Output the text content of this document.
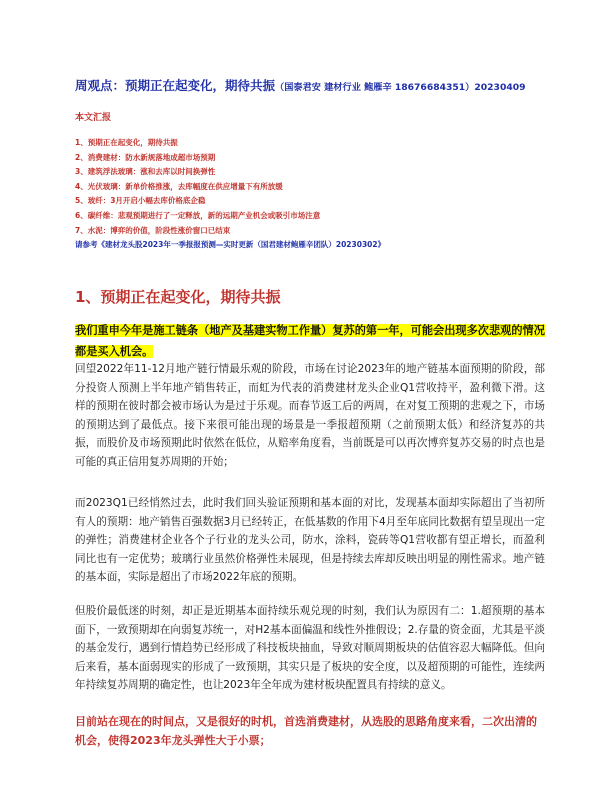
周观点：预期正在起变化，期待共振（国泰君安 建材行业 鲍雁辛 18676684351）20230409
本文汇报
1、预期正在起变化，期待共振
2、消费建材：防水新规落地成超市场预期
3、建筑浮法玻璃：涨和去库以时间换弹性
4、光伏玻璃：新单价格推涨，去库幅度在供应增量下有所放缓
5、玻纤：3月开启小幅去库价格底企稳
6、碳纤维：悲观预期进行了一定释放，新的远期产业机会或吸引市场注意
7、水泥：博弈的价值，阶段性涨价窗口已结束
请参考《建材龙头股2023年一季报报预测—实时更新（国君建材鲍雁辛团队）20230302》
1、预期正在起变化，期待共振
我们重申今年是施工链条（地产及基建实物工作量）复苏的第一年，可能会出现多次悲观的情况都是买入机会。

回望2022年11-12月地产链行情最乐观的阶段，市场在讨论2023年的地产链基本面预期的阶段，部分投资人预测上半年地产销售转正，而虹为代表的消费建材龙头企业Q1营收持平，盈利微下滑。这样的预期在彼时都会被市场认为是过于乐观。而春节返工后的两周，在对复工预期的悲观之下，市场的预期达到了最低点。接下来很可能出现的场景是一季报超预期（之前预期太低）和经济复苏的共振，而股价及市场预期此时依然在低位，从赔率角度看，当前既是可以再次博弈复苏交易的时点也是可能的真正信用复苏周期的开始；

而2023Q1已经悄然过去，此时我们回头验证预期和基本面的对比，发现基本面却实际超出了当初所有人的预期：地产销售百强数据3月已经转正，在低基数的作用下4月至年底同比数据有望呈现出一定的弹性；消费建材企业各个子行业的龙头公司，防水，涂料，瓷砖等Q1营收都有望正增长，而盈利同比也有一定优势；玻璃行业虽然价格弹性未展现，但是持续去库却反映出明显的刚性需求。地产链的基本面，实际是超出了市场2022年底的预期。

但股价最低迷的时刻，却正是近期基本面持续乐观兑现的时刻，我们认为原因有二：1.超预期的基本面下，一致预期却在向弱复苏统一，对H2基本面偏温和线性外推假设；2.存量的资金面，尤其是平淡的基金发行，遇到行情趋势已经形成了科技板块抽血，导致对顺周期板块的估值容忍大幅降低。但向后来看，基本面弱现实的形成了一致预期，其实只是了板块的安全度，以及超预期的可能性，连续两年持续复苏周期的确定性，也让2023年全年成为建材板块配置具有持续的意义。

目前站在现在的时间点，又是很好的时机，首选消费建材，从选股的思路角度来看，二次出清的机会，使得2023年龙头弹性大于小票；
